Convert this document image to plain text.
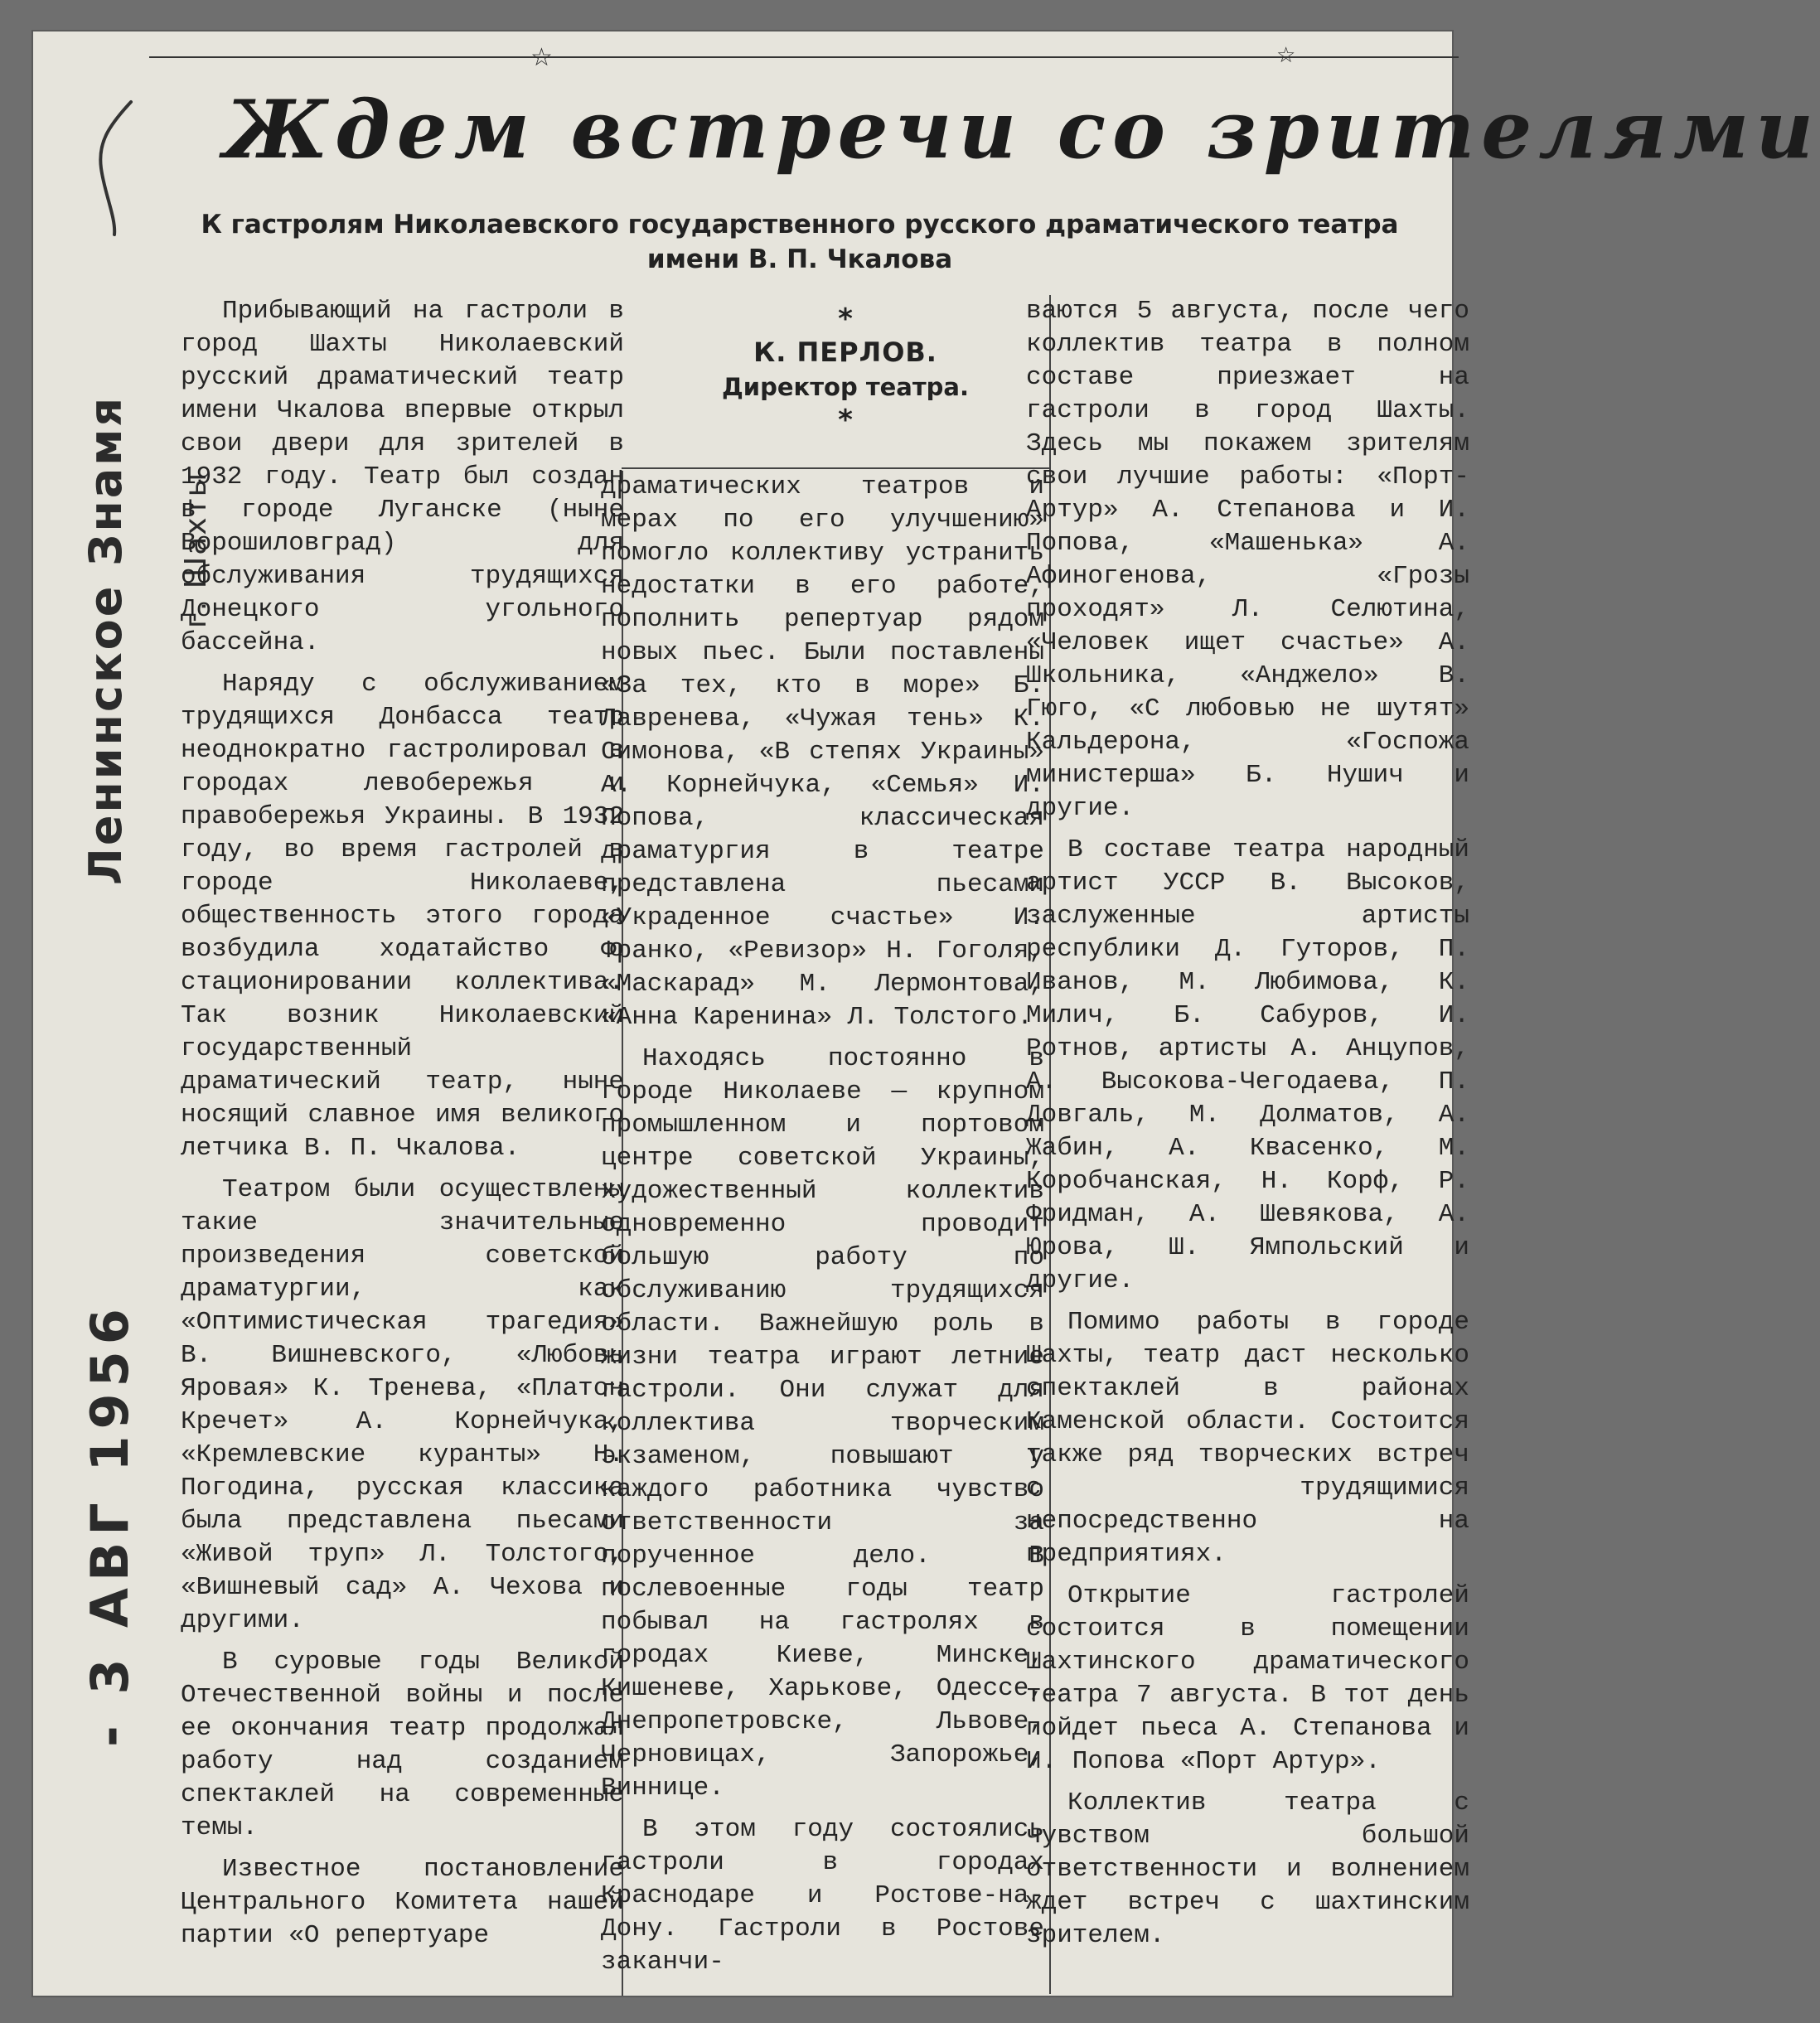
☆	☆
Ждем встречи со зрителями
К гастролям Николаевского государственного русского драматического театра
имени В. П. Чкалова
Ленинское Знамя г. Шахты
- 3 АВГ 1956
*
К. ПЕРЛОВ.
Директор театра.
*

Прибывающий на гастроли в город Шахты Николаевский русский драматический театр имени Чкалова впервые открыл свои двери для зрителей в 1932 году. Театр был создан в городе Луганске (ныне Ворошиловград) для обслуживания трудящихся Донецкого угольного бассейна.

Наряду с обслуживанием трудящихся Донбасса театр неоднократно гастролировал в городах левобережья и правобережья Украины. В 1932 году, во время гастролей в городе Николаеве, общественность этого города возбудила ходатайство о стационировании коллектива. Так возник Николаевский государственный драматический театр, ныне носящий славное имя великого летчика В. П. Чкалова.

Театром были осуществлены такие значительные произведения советской драматургии, как «Оптимистическая трагедия» В. Вишневского, «Любовь Яровая» К. Тренева, «Платон Кречет» А. Корнейчука, «Кремлевские куранты» Н. Погодина, русская классика была представлена пьесами «Живой труп» Л. Толстого, «Вишневый сад» А. Чехова и другими.

В суровые годы Великой Отечественной войны и после ее окончания театр продолжал работу над созданием спектаклей на современные темы.

Известное постановление Центрального Комитета нашей партии «О репертуаре

драматических театров и мерах по его улучшению» помогло коллективу устранить недостатки в его работе, пополнить репертуар рядом новых пьес. Были поставлены «За тех, кто в море» Б. Лавренева, «Чужая тень» К. Симонова, «В степях Украины» А. Корнейчука, «Семья» И. Попова, классическая драматургия в театре представлена пьесами «Украденное счастье» И. Франко, «Ревизор» Н. Гоголя, «Маскарад» М. Лермонтова, «Анна Каренина» Л. Толстого.

Находясь постоянно в городе Николаеве — крупном промышленном и портовом центре советской Украины, художественный коллектив одновременно проводит большую работу по обслуживанию трудящихся области. Важнейшую роль в жизни театра играют летние гастроли. Они служат для коллектива творческим экзаменом, повышают у каждого работника чувство ответственности за порученное дело. В послевоенные годы театр побывал на гастролях в городах Киеве, Минске, Кишеневе, Харькове, Одессе, Днепропетровске, Львове, Черновицах, Запорожье, Виннице.

В этом году состоялись гастроли в городах Краснодаре и Ростове-на-Дону. Гастроли в Ростове заканчи-

ваются 5 августа, после чего коллектив театра в полном составе приезжает на гастроли в город Шахты. Здесь мы покажем зрителям свои лучшие работы: «Порт-Артур» А. Степанова и И. Попова, «Машенька» А. Афиногенова, «Грозы проходят» Л. Селютина, «Человек ищет счастье» А. Школьника, «Анджело» В. Гюго, «С любовью не шутят» Кальдерона, «Госпожа министерша» Б. Нушич и другие.

В составе театра народный артист УССР В. Высоков, заслуженные артисты республики Д. Гуторов, П. Иванов, М. Любимова, К. Милич, Б. Сабуров, И. Ротнов, артисты А. Анцупов, А. Высокова-Чегодаева, П. Довгаль, М. Долматов, А. Жабин, А. Квасенко, М. Коробчанская, Н. Корф, Р. Фридман, А. Шевякова, А. Юрова, Ш. Ямпольский и другие.

Помимо работы в городе Шахты, театр даст несколько спектаклей в районах Каменской области. Состоится также ряд творческих встреч с трудящимися непосредственно на предприятиях.

Открытие гастролей состоится в помещении Шахтинского драматического театра 7 августа. В тот день пойдет пьеса А. Степанова и И. Попова «Порт Артур».

Коллектив театра с чувством большой ответственности и волнением ждет встреч с шахтинским зрителем.
